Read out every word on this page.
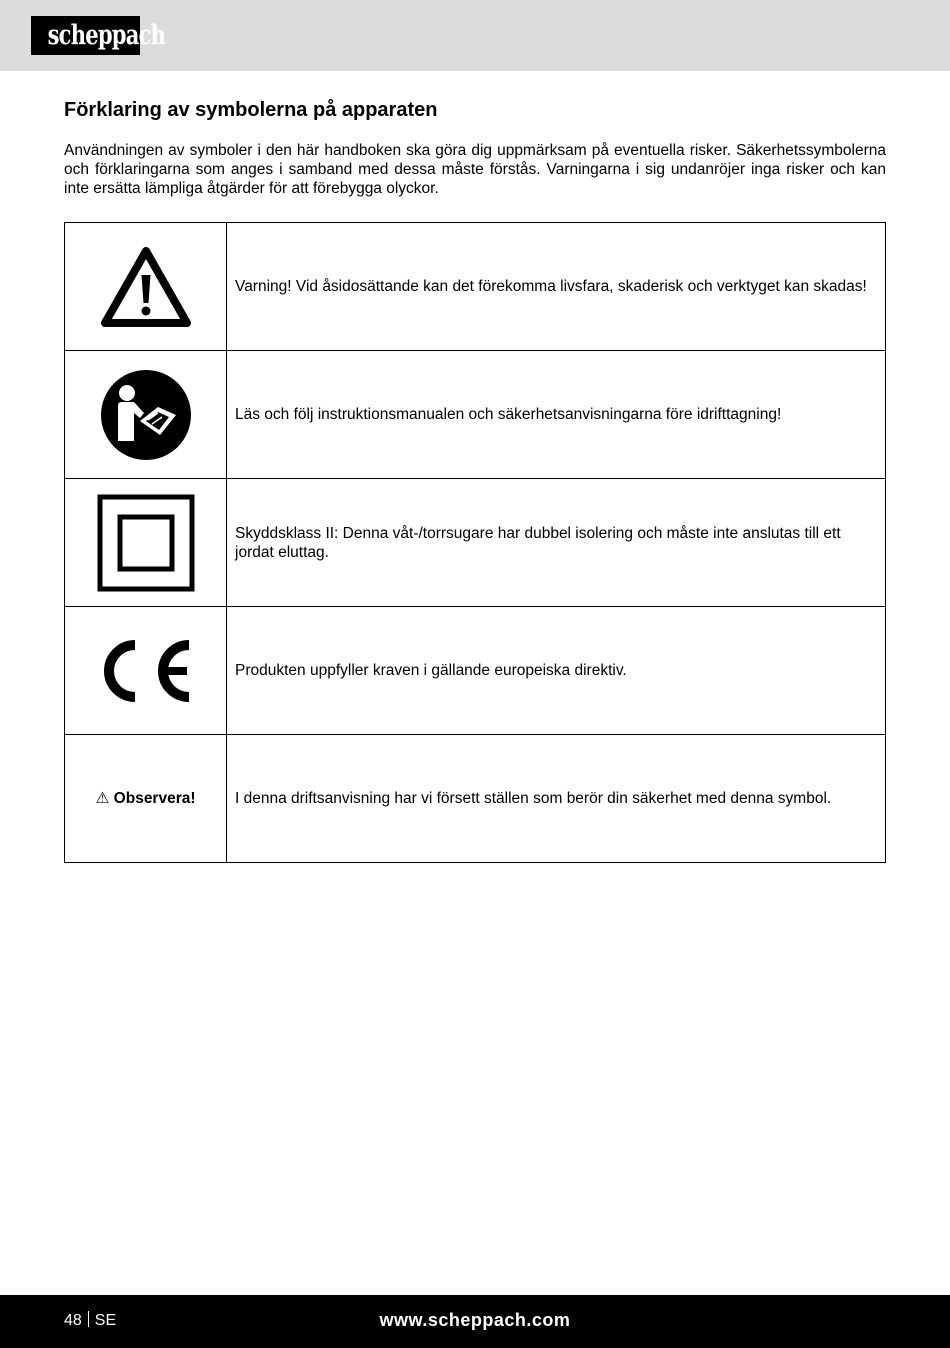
scheppach
Förklaring av symbolerna på apparaten

Användningen av symboler i den här handboken ska göra dig uppmärksam på eventuella risker. Säkerhetssymbolerna och förklaringarna som anges i samband med dessa måste förstås. Varningarna i sig undanröjer inga risker och kan inte ersätta lämpliga åtgärder för att förebygga olyckor.

	Varning! Vid åsidosättande kan det förekomma livsfara, skaderisk och verktyget kan skadas!

	Läs och följ instruktionsmanualen och säkerhetsanvisningarna före idrifttagning!

	Skyddsklass II: Denna våt-/torrsugare har dubbel isolering och måste inte anslutas till ett jordat eluttag.

	Produkten uppfyller kraven i gällande europeiska direktiv.
⚠ Observera!	I denna driftsanvisning har vi försett ställen som berör din säkerhet med denna symbol.
48 SE	www.scheppach.com
